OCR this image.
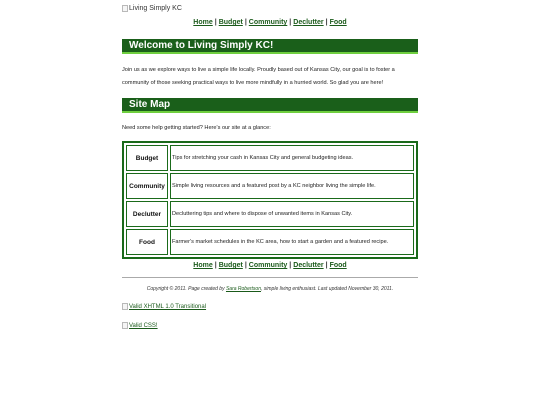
Living Simply KC
Home | Budget | Community | Declutter | Food
Welcome to Living Simply KC!
Join us as we explore ways to live a simple life locally. Proudly based out of Kansas City, our goal is to foster a community of those seeking practical ways to live more mindfully in a hurried world. So glad you are here!
Site Map
Need some help getting started? Here's our site at a glance:
Budget	Tips for stretching your cash in Kansas City and general budgeting ideas.
Community	Simple living resources and a featured post by a KC neighbor living the simple life.
Declutter	Decluttering tips and where to dispose of unwanted items in Kansas City.
Food	Farmer's market schedules in the KC area, how to start a garden and a featured recipe.
Home | Budget | Community | Declutter | Food
Copyright © 2011. Page created by Sara Robertson, simple living enthusiast. Last updated November 30, 2011.
Valid XHTML 1.0 Transitional
Valid CSS!
